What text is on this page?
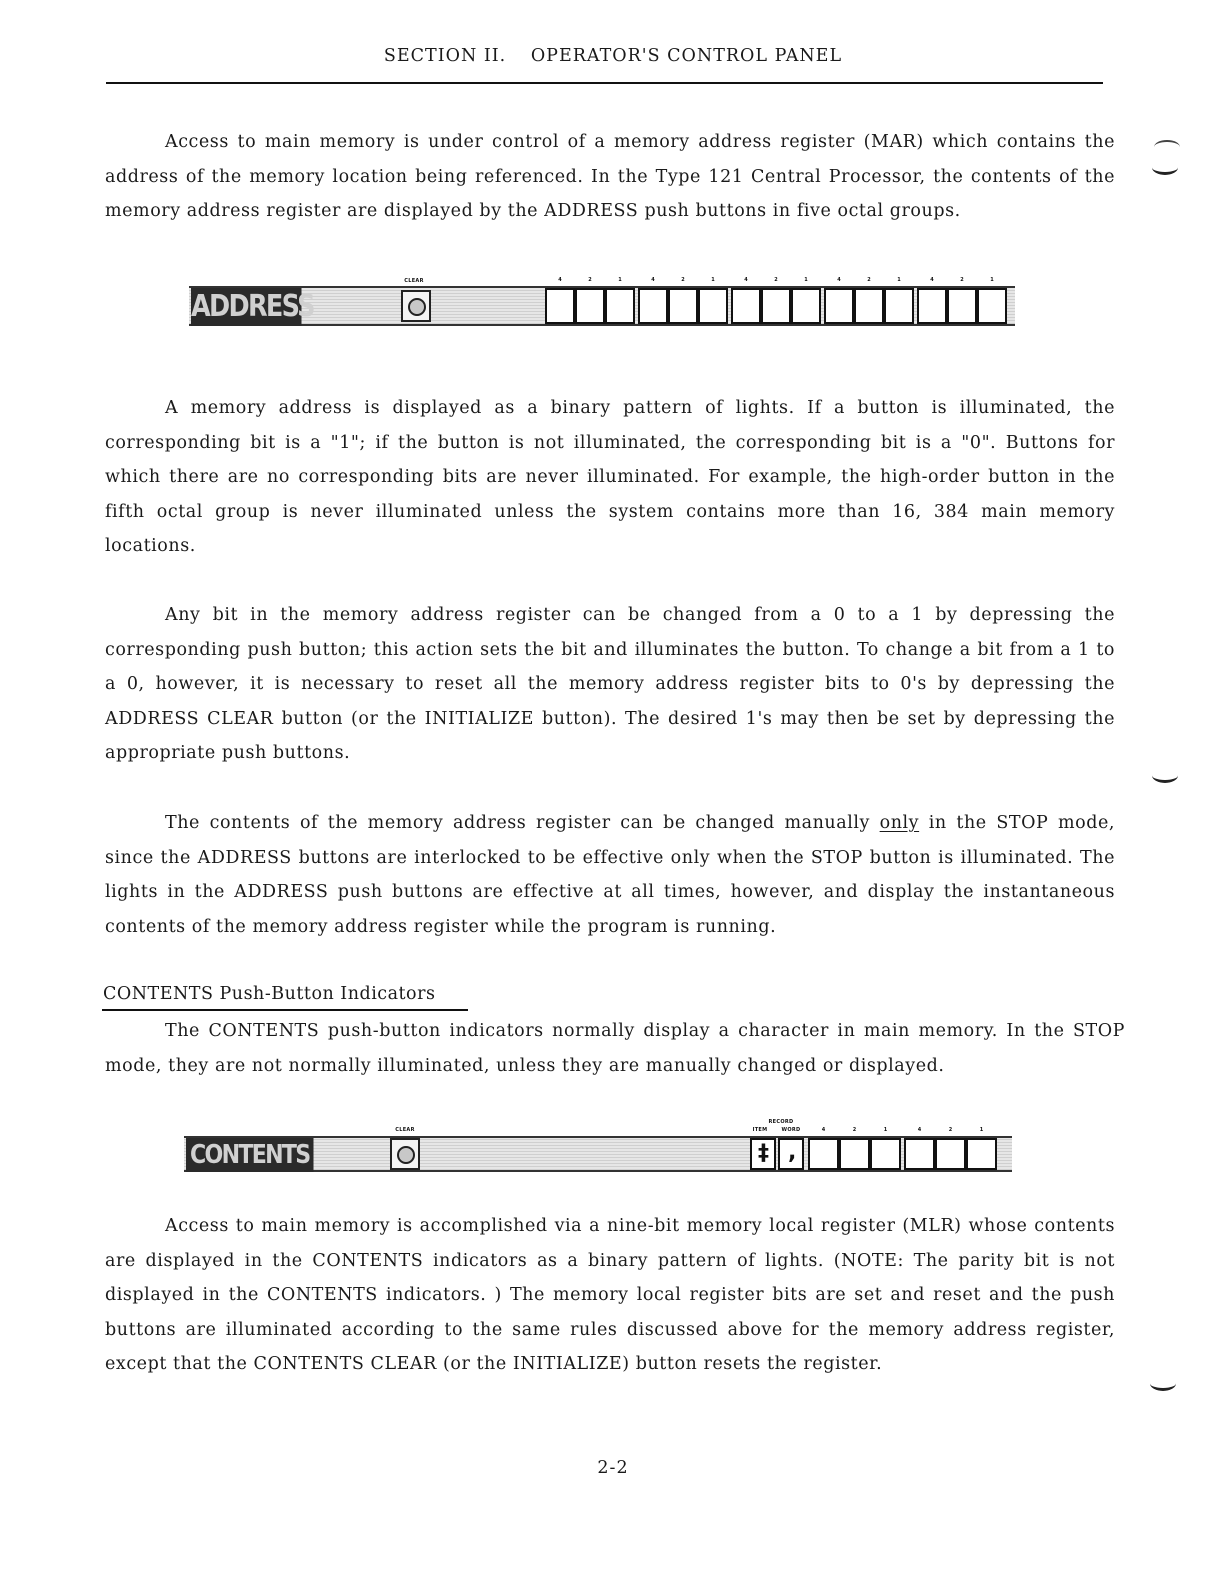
SECTION II. OPERATOR'S CONTROL PANEL

Access to main memory is under control of a memory address register (MAR) which contains the address of the memory location being referenced. In the Type 121 Central Processor, the contents of the memory address register are displayed by the ADDRESS push buttons in five octal groups.

ADDRESS
CLEAR	4	2	1	4	2	1	4	2	1	4	2	1	4	2	1

A memory address is displayed as a binary pattern of lights. If a button is illuminated, the corresponding bit is a "1"; if the button is not illuminated, the corresponding bit is a "0". Buttons for which there are no corresponding bits are never illuminated. For example, the high-order button in the fifth octal group is never illuminated unless the system contains more than 16, 384 main memory locations.

Any bit in the memory address register can be changed from a 0 to a 1 by depressing the corresponding push button; this action sets the bit and illuminates the button. To change a bit from a 1 to a 0, however, it is necessary to reset all the memory address register bits to 0's by depressing the ADDRESS CLEAR button (or the INITIALIZE button). The desired 1's may then be set by depressing the appropriate push buttons.

The contents of the memory address register can be changed manually only in the STOP mode, since the ADDRESS buttons are interlocked to be effective only when the STOP button is illuminated. The lights in the ADDRESS push buttons are effective at all times, however, and display the instantaneous contents of the memory address register while the program is running.

CONTENTS Push-Button Indicators

The CONTENTS push-button indicators normally display a character in main memory. In the STOP mode, they are not normally illuminated, unless they are manually changed or displayed.

CONTENTS
CLEAR
RECORD
ITEM	WORD
‡ ,
4	2	1	4	2	1

Access to main memory is accomplished via a nine-bit memory local register (MLR) whose contents are displayed in the CONTENTS indicators as a binary pattern of lights. (NOTE: The parity bit is not displayed in the CONTENTS indicators. ) The memory local register bits are set and reset and the push buttons are illuminated according to the same rules discussed above for the memory address register, except that the CONTENTS CLEAR (or the INITIALIZE) button resets the register.

2-2
